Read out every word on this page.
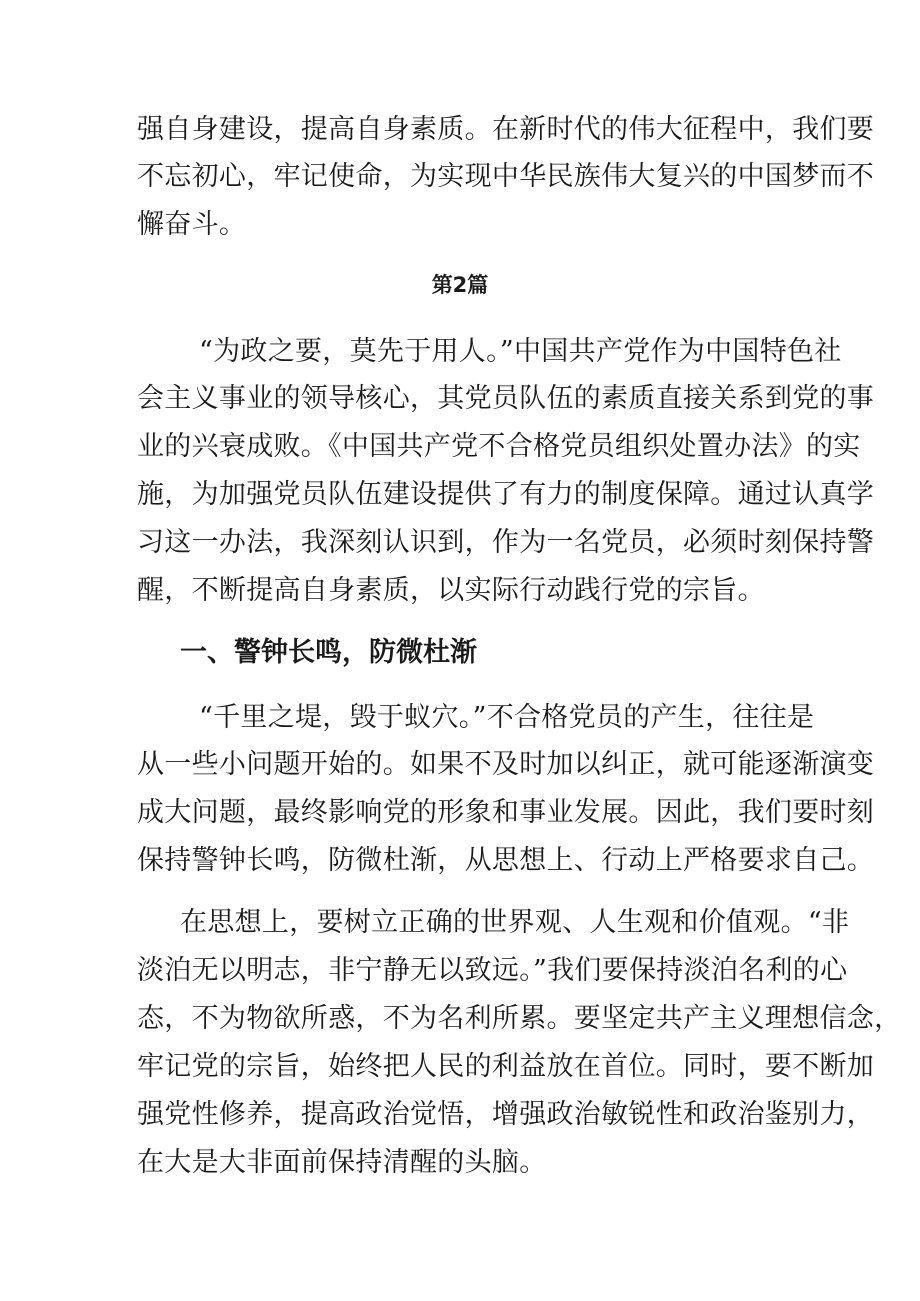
强自身建设，提高自身素质。在新时代的伟大征程中，我们要
不忘初心，牢记使命，为实现中华民族伟大复兴的中国梦而不
懈奋斗。
第2篇
“为政之要，莫先于用人。”中国共产党作为中国特色社
会主义事业的领导核心，其党员队伍的素质直接关系到党的事
业的兴衰成败。《中国共产党不合格党员组织处置办法》的实
施，为加强党员队伍建设提供了有力的制度保障。通过认真学
习这一办法，我深刻认识到，作为一名党员，必须时刻保持警
醒，不断提高自身素质，以实际行动践行党的宗旨。
一、警钟长鸣，防微杜渐
“千里之堤，毁于蚁穴。”不合格党员的产生，往往是
从一些小问题开始的。如果不及时加以纠正，就可能逐渐演变
成大问题，最终影响党的形象和事业发展。因此，我们要时刻
保持警钟长鸣，防微杜渐，从思想上、行动上严格要求自己。
在思想上，要树立正确的世界观、人生观和价值观。“非
淡泊无以明志，非宁静无以致远。”我们要保持淡泊名利的心
态，不为物欲所惑，不为名利所累。要坚定共产主义理想信念，
牢记党的宗旨，始终把人民的利益放在首位。同时，要不断加
强党性修养，提高政治觉悟，增强政治敏锐性和政治鉴别力，
在大是大非面前保持清醒的头脑。
